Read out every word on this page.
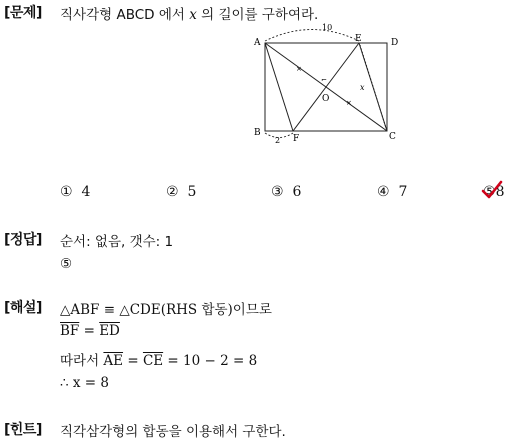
[문제] 직사각형 ABCD 에서 x 의 길이를 구하여라.
×
×
⌐
A	D
B	C
E
F
O
10
2
x
① 4	② 5	③ 6	④ 7	⑤
8
[정답] 순서: 없음, 갯수: 1
⑤
[해설] △ABF ≡ △CDE(RHS 합동)이므로
$\overline{BF} = \overline{ED}$
따라서 $\overline{AE} = \overline{CE} = 10 - 2 = 8$
∴ x = 8
[힌트] 직각삼각형의 합동을 이용해서 구한다.
